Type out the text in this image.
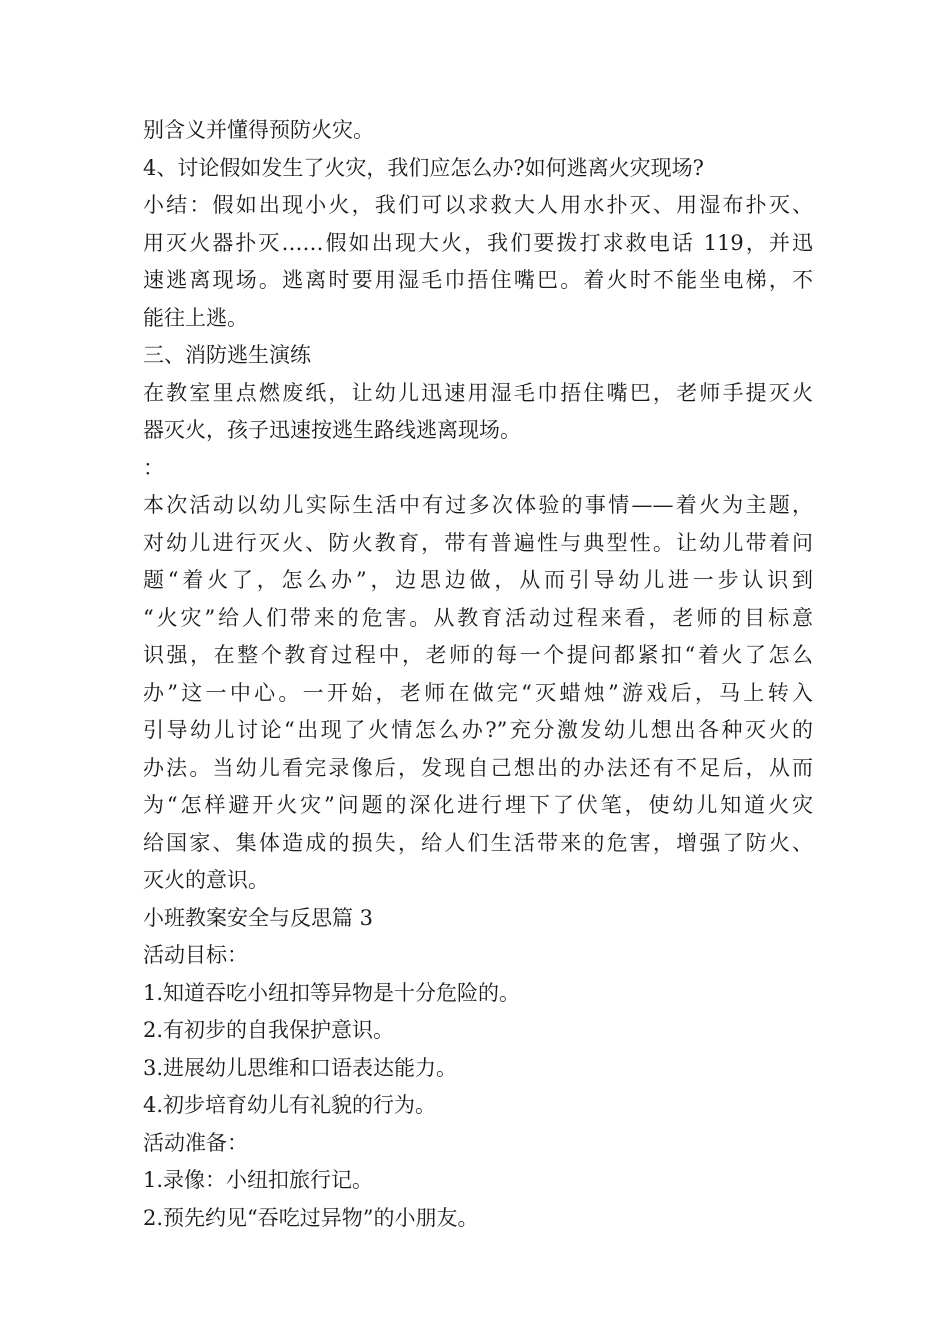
别含义并懂得预防火灾。
4、讨论假如发生了火灾，我们应怎么办?如何逃离火灾现场?
小结：假如出现小火，我们可以求救大人用水扑灭、用湿布扑灭、
用灭火器扑灭……假如出现大火，我们要拨打求救电话 119，并迅
速逃离现场。逃离时要用湿毛巾捂住嘴巴。着火时不能坐电梯，不
能往上逃。
三、消防逃生演练
在教室里点燃废纸，让幼儿迅速用湿毛巾捂住嘴巴，老师手提灭火
器灭火，孩子迅速按逃生路线逃离现场。
：
本次活动以幼儿实际生活中有过多次体验的事情——着火为主题，
对幼儿进行灭火、防火教育，带有普遍性与典型性。让幼儿带着问
题“着火了，怎么办”，边思边做，从而引导幼儿进一步认识到
“火灾”给人们带来的危害。从教育活动过程来看，老师的目标意
识强，在整个教育过程中，老师的每一个提问都紧扣“着火了怎么
办”这一中心。一开始，老师在做完“灭蜡烛”游戏后，马上转入
引导幼儿讨论“出现了火情怎么办?”充分激发幼儿想出各种灭火的
办法。当幼儿看完录像后，发现自己想出的办法还有不足后，从而
为“怎样避开火灾”问题的深化进行埋下了伏笔，使幼儿知道火灾
给国家、集体造成的损失，给人们生活带来的危害，增强了防火、
灭火的意识。
小班教案安全与反思篇 3
活动目标：
1.知道吞吃小纽扣等异物是十分危险的。
2.有初步的自我保护意识。
3.进展幼儿思维和口语表达能力。
4.初步培育幼儿有礼貌的行为。
活动准备：
1.录像：小纽扣旅行记。
2.预先约见“吞吃过异物”的小朋友。
